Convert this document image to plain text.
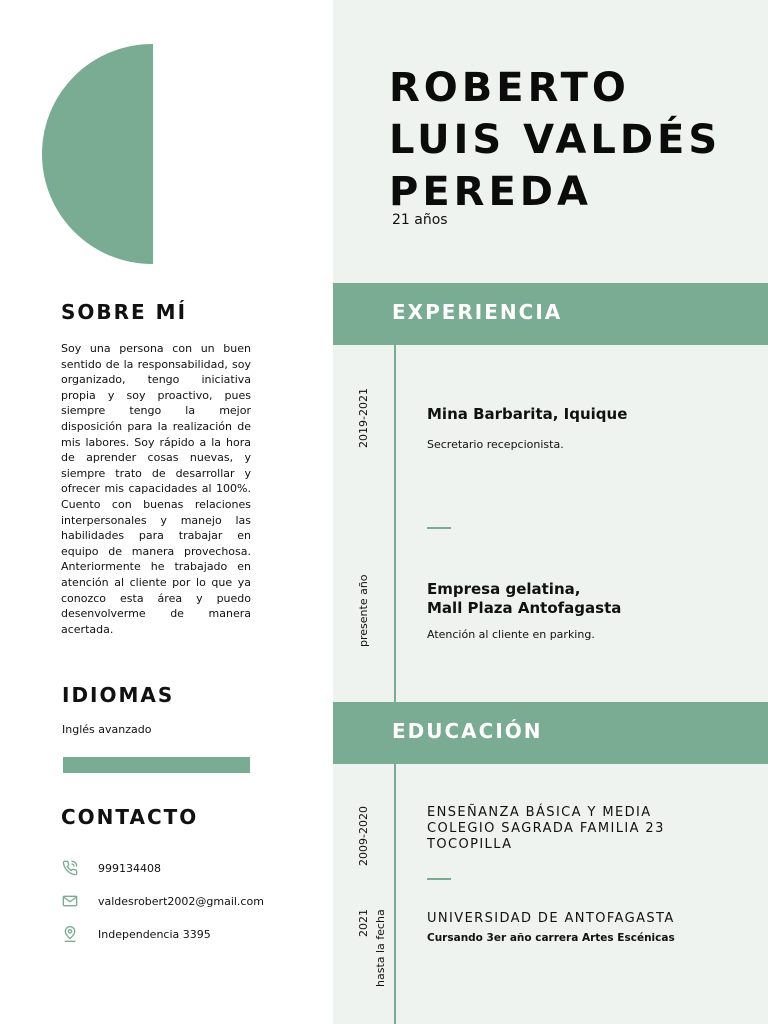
SOBRE MÍ
Soy una persona con un buen sentido de la responsabilidad, soy organizado, tengo iniciativa propia y soy proactivo, pues siempre tengo la mejor disposición para la realización de mis labores. Soy rápido a la hora de aprender cosas nuevas, y siempre trato de desarrollar y ofrecer mis capacidades al 100%. Cuento con buenas relaciones interpersonales y manejo las habilidades para trabajar en equipo de manera provechosa. Anteriormente he trabajado en atención al cliente por lo que ya conozco esta área y puedo desenvolverme de manera acertada.
IDIOMAS
Inglés avanzado
CONTACTO
999134408
valdesrobert2002@gmail.com
Independencia 3395
ROBERTO
LUIS VALDÉS
PEREDA
21 años
EXPERIENCIA
2019-2021	Mina Barbarita, Iquique
Secretario recepcionista.
presente año	Empresa gelatina,
Mall Plaza Antofagasta
Atención al cliente en parking.
EDUCACIÓN
2009-2020	ENSEÑANZA BÁSICA Y MEDIA
COLEGIO SAGRADA FAMILIA 23
TOCOPILLA
2021 hasta la fecha	UNIVERSIDAD DE ANTOFAGASTA
Cursando 3er año carrera Artes Escénicas
